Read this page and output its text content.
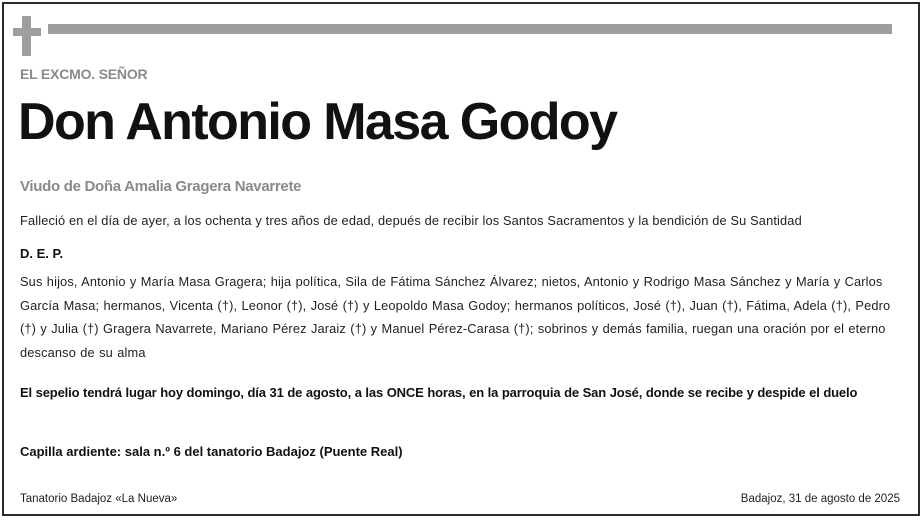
EL EXCMO. SEÑOR
Don Antonio Masa Godoy
Viudo de Doña Amalia Gragera Navarrete
Falleció en el día de ayer, a los ochenta y tres años de edad, depués de recibir los Santos Sacramentos y la bendición de Su Santidad
D. E. P.
Sus hijos, Antonio y María Masa Gragera; hija política, Sila de Fátima Sánchez Álvarez; nietos, Antonio y Rodrigo Masa Sánchez y María y Carlos García Masa; hermanos, Vicenta (†), Leonor (†), José (†) y Leopoldo Masa Godoy; hermanos políticos, José (†), Juan (†), Fátima, Adela (†), Pedro (†) y Julia (†) Gragera Navarrete, Mariano Pérez Jaraiz (†) y Manuel Pérez-Carasa (†); sobrinos y demás familia, ruegan una oración por el eterno descanso de su alma
El sepelio tendrá lugar hoy domingo, día 31 de agosto, a las ONCE horas, en la parroquia de San José, donde se recibe y despide el duelo
Capilla ardiente: sala n.º 6 del tanatorio Badajoz (Puente Real)
Tanatorio Badajoz «La Nueva»	Badajoz, 31 de agosto de 2025
